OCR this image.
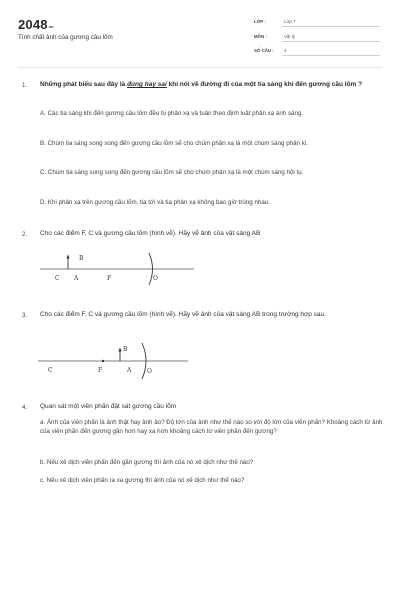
$2048_{vn}$
Tính chất ảnh của gương cầu lõm
LỚP :	Lớp 7
MÔN :	Vật lý
SỐ CÂU : 4
1. Những phát biểu sau đây là đúng hay sai khi nói về đường đi của một tia sáng khi đến gương cầu lõm ?
A. Các tia sáng khi đến gương cầu lõm đều bị phản xạ và tuân theo định luật phản xạ ánh sáng.
B. Chùm tia sáng song song đến gương cầu lõm sẽ cho chùm phản xạ là một chùm sáng phân kì.
C. Chùm tia sáng song song đến gương cầu lõm sẽ cho chùm phản xạ là một chùm sáng hội tụ.
D. Khi phản xạ trên gương cầu lõm, tia tới và tia phản xạ không bao giờ trùng nhau.
2. Cho các điểm F, C và gương cầu lõm (hình vẽ). Hãy vẽ ảnh của vật sáng AB
B
C A	F	O
3. Cho các điểm F, C và gương cầu lõm (hình vẽ). Hãy vẽ ảnh của vật sáng AB trong trường hợp sau.
B
C	F	A	O
4. Quan sát một viên phấn đặt sát gương cầu lõm
a. Ảnh của viên phấn là ảnh thật hay ảnh ảo? Độ lớn của ảnh như thế nào so với độ lớn của viên phấn? Khoảng cách từ ảnh của viên phấn đến gương gần hơn hay xa hơn khoảng cách từ viên phấn đến gương?
b. Nếu xê dịch viên phấn đến gần gương thì ảnh của nó xê dịch như thế nào?
c. Nếu xê dịch viên phấn ra xa gương thì ảnh của nó xê dịch như thế nào?
